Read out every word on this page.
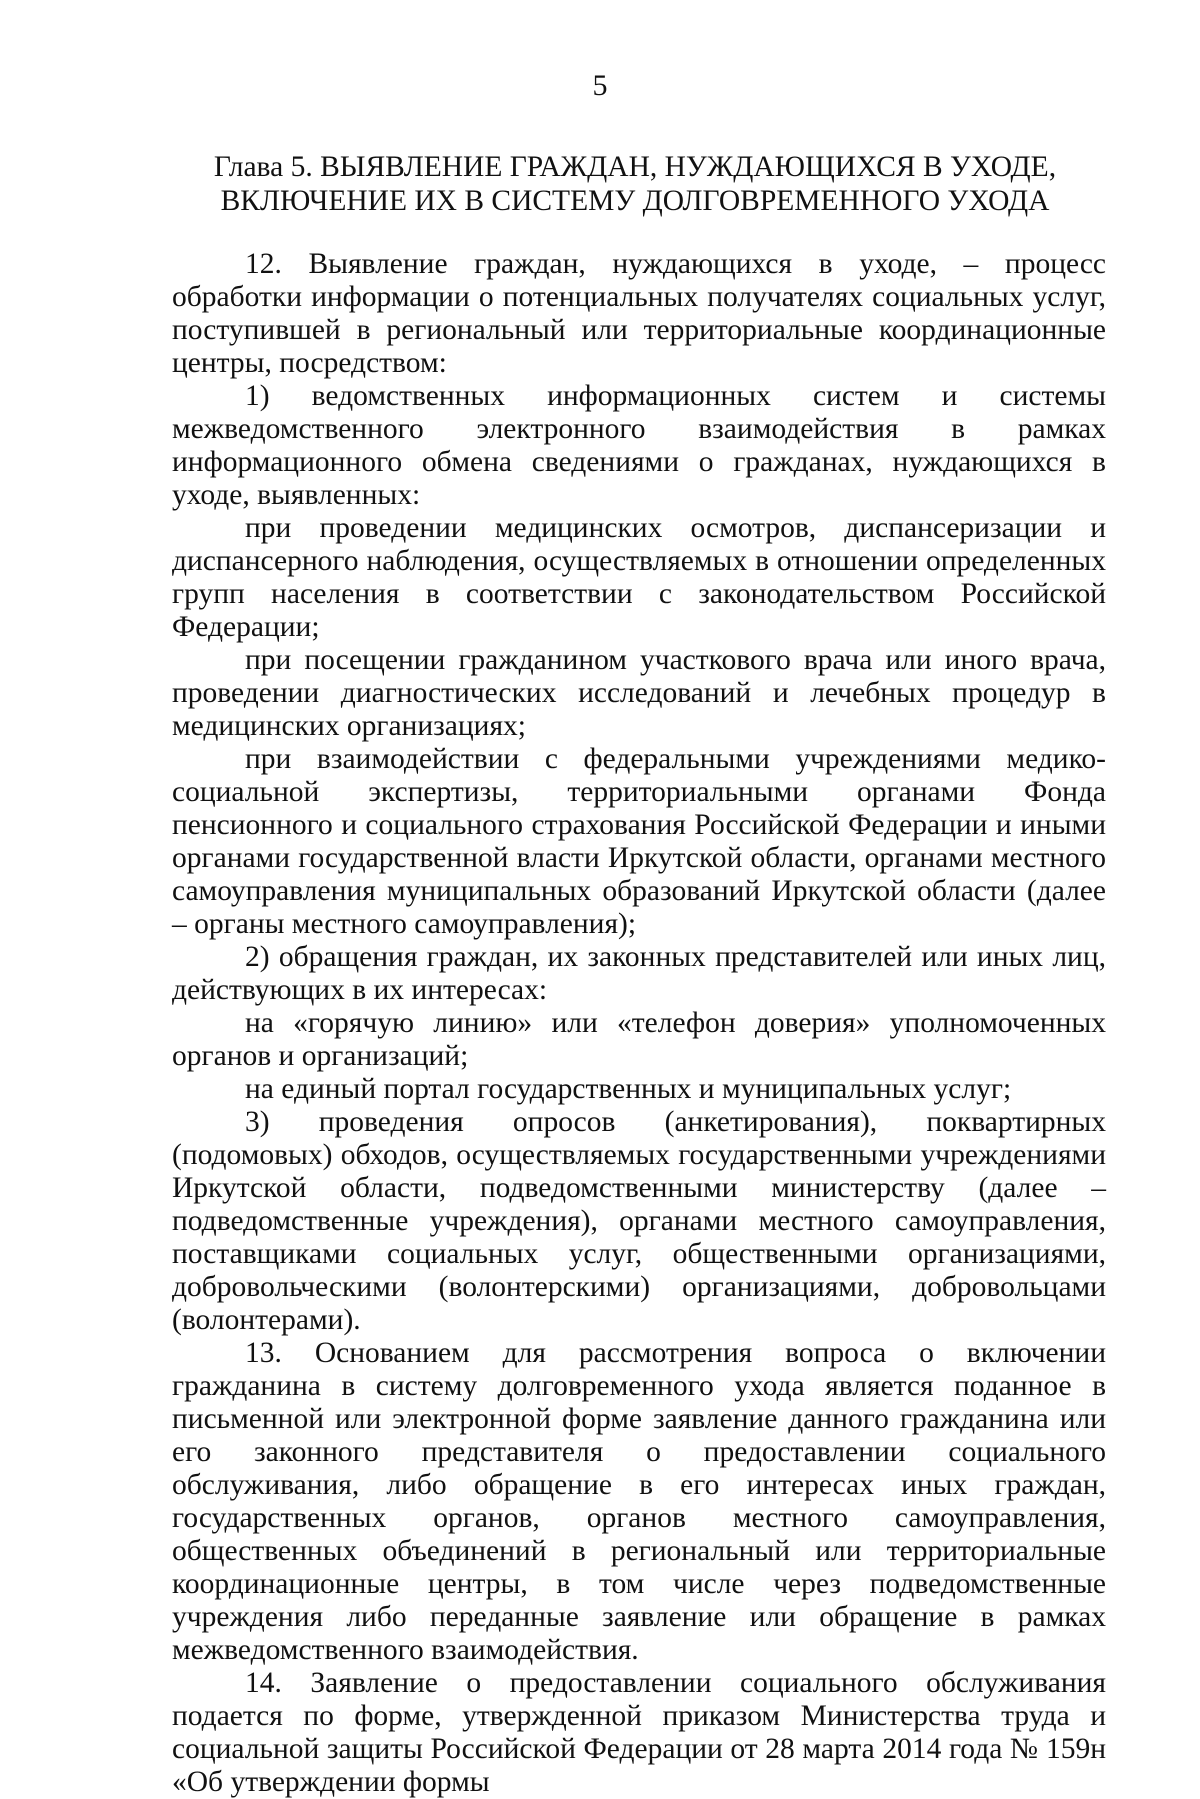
5
Глава 5. ВЫЯВЛЕНИЕ ГРАЖДАН, НУЖДАЮЩИХСЯ В УХОДЕ,
ВКЛЮЧЕНИЕ ИХ В СИСТЕМУ ДОЛГОВРЕМЕННОГО УХОДА

12. Выявление граждан, нуждающихся в уходе, – процесс обработки информации о потенциальных получателях социальных услуг, поступившей в региональный или территориальные координационные центры, посредством:

1) ведомственных информационных систем и системы межведомственного электронного взаимодействия в рамках информационного обмена сведениями о гражданах, нуждающихся в уходе, выявленных:

при проведении медицинских осмотров, диспансеризации и диспансерного наблюдения, осуществляемых в отношении определенных групп населения в соответствии с законодательством Российской Федерации;

при посещении гражданином участкового врача или иного врача, проведении диагностических исследований и лечебных процедур в медицинских организациях;

при взаимодействии с федеральными учреждениями медико-социальной экспертизы, территориальными органами Фонда пенсионного и социального страхования Российской Федерации и иными органами государственной власти Иркутской области, органами местного самоуправления муниципальных образований Иркутской области (далее – органы местного самоуправления);

2) обращения граждан, их законных представителей или иных лиц, действующих в их интересах:

на «горячую линию» или «телефон доверия» уполномоченных органов и организаций;

на единый портал государственных и муниципальных услуг;

3) проведения опросов (анкетирования), поквартирных (подомовых) обходов, осуществляемых государственными учреждениями Иркутской области, подведомственными министерству (далее – подведомственные учреждения), органами местного самоуправления, поставщиками социальных услуг, общественными организациями, добровольческими (волонтерскими) организациями, добровольцами (волонтерами).

13. Основанием для рассмотрения вопроса о включении гражданина в систему долговременного ухода является поданное в письменной или электронной форме заявление данного гражданина или его законного представителя о предоставлении социального обслуживания, либо обращение в его интересах иных граждан, государственных органов, органов местного самоуправления, общественных объединений в региональный или территориальные координационные центры, в том числе через подведомственные учреждения либо переданные заявление или обращение в рамках межведомственного взаимодействия.

14. Заявление о предоставлении социального обслуживания подается по форме, утвержденной приказом Министерства труда и социальной защиты Российской Федерации от 28 марта 2014 года № 159н «Об утверждении формы
